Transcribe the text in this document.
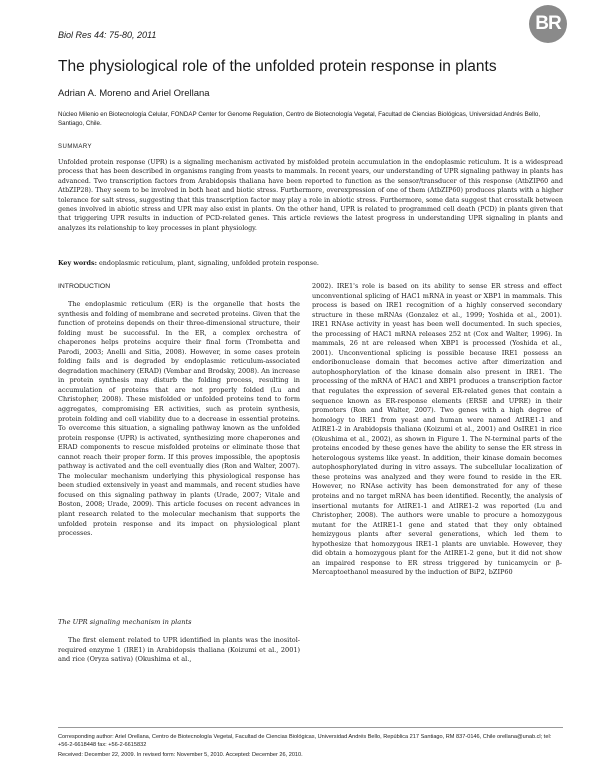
Biol Res 44: 75-80, 2011
BR
The physiological role of the unfolded protein response in plants
Adrian A. Moreno and Ariel Orellana
Núcleo Milenio en Biotecnología Celular, FONDAP Center for Genome Regulation, Centro de Biotecnología Vegetal, Facultad de Ciencias Biológicas, Universidad Andrés Bello, Santiago, Chile.
SUMMARY
Unfolded protein response (UPR) is a signaling mechanism activated by misfolded protein accumulation in the endoplasmic reticulum. It is a widespread process that has been described in organisms ranging from yeasts to mammals. In recent years, our understanding of UPR signaling pathway in plants has advanced. Two transcription factors from Arabidopsis thaliana have been reported to function as the sensor/transducer of this response (AtbZIP60 and AtbZIP28). They seem to be involved in both heat and biotic stress. Furthermore, overexpression of one of them (AtbZIP60) produces plants with a higher tolerance for salt stress, suggesting that this transcription factor may play a role in abiotic stress. Furthermore, some data suggest that crosstalk between genes involved in abiotic stress and UPR may also exist in plants. On the other hand, UPR is related to programmed cell death (PCD) in plants given that that triggering UPR results in induction of PCD-related genes. This article reviews the latest progress in understanding UPR signaling in plants and analyzes its relationship to key processes in plant physiology.
Key words: endoplasmic reticulum, plant, signaling, unfolded protein response.
INTRODUCTION

The endoplasmic reticulum (ER) is the organelle that hosts the synthesis and folding of membrane and secreted proteins. Given that the function of proteins depends on their three-dimensional structure, their folding must be successful. In the ER, a complex orchestra of chaperones helps proteins acquire their final form (Trombetta and Parodi, 2003; Anelli and Sitia, 2008). However, in some cases protein folding fails and is degraded by endoplasmic reticulum-associated degradation machinery (ERAD) (Vembar and Brodsky, 2008). An increase in protein synthesis may disturb the folding process, resulting in accumulation of proteins that are not properly folded (Lu and Christopher, 2008). These misfolded or unfolded proteins tend to form aggregates, compromising ER activities, such as protein synthesis, protein folding and cell viability due to a decrease in essential proteins. To overcome this situation, a signaling pathway known as the unfolded protein response (UPR) is activated, synthesizing more chaperones and ERAD components to rescue misfolded proteins or eliminate those that cannot reach their proper form. If this proves impossible, the apoptosis pathway is activated and the cell eventually dies (Ron and Walter, 2007). The molecular mechanism underlying this physiological response has been studied extensively in yeast and mammals, and recent studies have focused on this signaling pathway in plants (Urade, 2007; Vitale and Boston, 2008; Urade, 2009). This article focuses on recent advances in plant research related to the molecular mechanism that supports the unfolded protein response and its impact on physiological plant processes.

The UPR signaling mechanism in plants

The first element related to UPR identified in plants was the inositol-required enzyme 1 (IRE1) in Arabidopsis thaliana (Koizumi et al., 2001) and rice (Oryza sativa) (Okushima et al.,

2002). IRE1's role is based on its ability to sense ER stress and effect unconventional splicing of HAC1 mRNA in yeast or XBP1 in mammals. This process is based on IRE1 recognition of a highly conserved secondary structure in these mRNAs (Gonzalez et al., 1999; Yoshida et al., 2001). IRE1 RNAse activity in yeast has been well documented. In such species, the processing of HAC1 mRNA releases 252 nt (Cox and Walter, 1996). In mammals, 26 nt are released when XBP1 is processed (Yoshida et al., 2001). Unconventional splicing is possible because IRE1 possess an endoribonuclease domain that becomes active after dimerization and autophosphorylation of the kinase domain also present in IRE1. The processing of the mRNA of HAC1 and XBP1 produces a transcription factor that regulates the expression of several ER-related genes that contain a sequence known as ER-response elements (ERSE and UPRE) in their promoters (Ron and Walter, 2007). Two genes with a high degree of homology to IRE1 from yeast and human were named AtIRE1-1 and AtIRE1-2 in Arabidopsis thaliana (Koizumi et al., 2001) and OsIRE1 in rice (Okushima et al., 2002), as shown in Figure 1. The N-terminal parts of the proteins encoded by these genes have the ability to sense the ER stress in heterologous systems like yeast. In addition, their kinase domain becomes autophosphorylated during in vitro assays. The subcellular localization of these proteins was analyzed and they were found to reside in the ER. However, no RNAse activity has been demonstrated for any of these proteins and no target mRNA has been identified. Recently, the analysis of insertional mutants for AtIRE1-1 and AtIRE1-2 was reported (Lu and Christopher, 2008). The authors were unable to procure a homozygous mutant for the AtIRE1-1 gene and stated that they only obtained hemizygous plants after several generations, which led them to hypothesize that homozygous IRE1-1 plants are unviable. However, they did obtain a homozygous plant for the AtIRE1-2 gene, but it did not show an impaired response to ER stress triggered by tunicamycin or β-Mercaptoethanol measured by the induction of BiP2, bZIP60

Corresponding author: Ariel Orellana, Centro de Biotecnología Vegetal, Facultad de Ciencias Biológicas, Universidad Andrés Bello, República 217 Santiago, RM 837-0146, Chile orellana@unab.cl; tel: +56-2-6618448 fax: +56-2-6615832
Received: December 22, 2009. In revised form: November 5, 2010. Accepted: December 26, 2010.
